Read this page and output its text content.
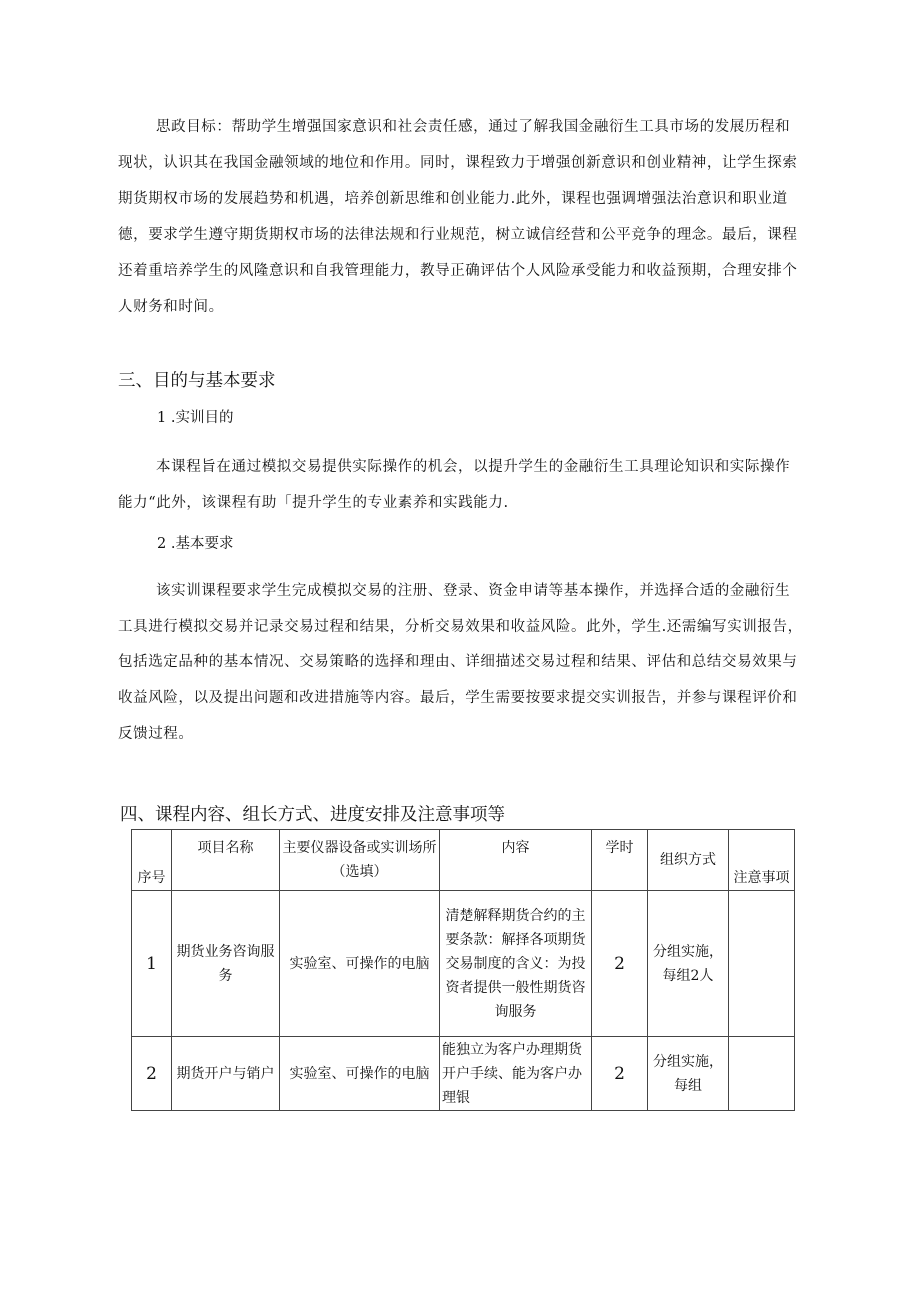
思政目标：帮助学生增强国家意识和社会责任感，通过了解我国金融衍生工具市场的发展历程和
现状，认识其在我国金融领域的地位和作用。同时，课程致力于增强创新意识和创业精神，让学生探索
期货期权市场的发展趋势和机遇，培养创新思维和创业能力.此外，课程也强调增强法治意识和职业道
德，要求学生遵守期货期权市场的法律法规和行业规范，树立诚信经营和公平竞争的理念。最后，课程
还着重培养学生的风隆意识和自我管理能力，教导正确评估个人风险承受能力和收益预期，合理安排个
人财务和时间。
三、目的与基本要求
1 .实训目的
本课程旨在通过模拟交易提供实际操作的机会，以提升学生的金融衍生工具理论知识和实际操作
能力“此外，该课程有助「提升学生的专业素养和实践能力.
2 .基本要求
该实训课程要求学生完成模拟交易的注册、登录、资金申请等基本操作，并选择合适的金融衍生
工具进行模拟交易并记录交易过程和结果，分析交易效果和收益风险。此外，学生.还需编写实训报告，
包括选定品种的基本情况、交易策略的选择和理由、详细描述交易过程和结果、评估和总结交易效果与
收益风险，以及提出问题和改进措施等内容。最后，学生需要按要求提交实训报告，并参与课程评价和
反馈过程。
四、课程内容、组长方式、进度安排及注意事项等
序号	项目名称	主要仪器设备或实训场所（选填）	内容	学时	组织方式	注意事项
1	期货业务咨询服务	实验室、可操作的电脑	清楚解释期货合约的主要条款：解择各项期货交易制度的含义：为投资者提供一般性期货咨询服务	2	分组实施，每组2人	
2	期货开户与销户	实验室、可操作的电脑	能独立为客户办理期货开户手续、能为客户办理银	2	分组实施，每组	
